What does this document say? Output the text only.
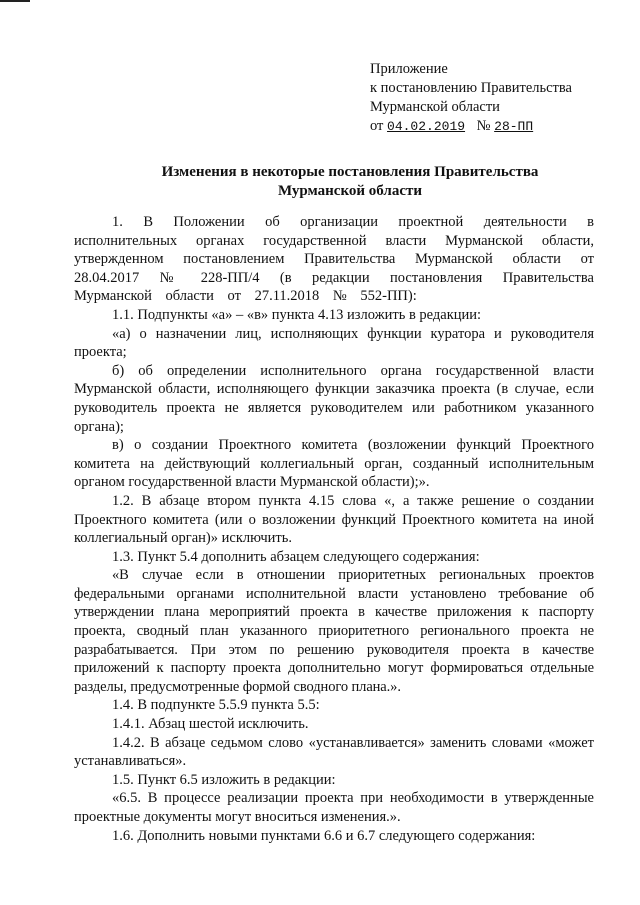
Приложение
к постановлению Правительства
Мурманской области
от 04.02.2019 № 28-ПП
Изменения в некоторые постановления Правительства
Мурманской области

1. В Положении об организации проектной деятельности в исполнительных органах государственной власти Мурманской области, утвержденном постановлением Правительства Мурманской области от 28.04.2017 № 228-ПП/4 (в редакции постановления Правительства Мурманской области от 27.11.2018 № 552-ПП):

1.1. Подпункты «а» – «в» пункта 4.13 изложить в редакции:

«а) о назначении лиц, исполняющих функции куратора и руководителя проекта;

б) об определении исполнительного органа государственной власти Мурманской области, исполняющего функции заказчика проекта (в случае, если руководитель проекта не является руководителем или работником указанного органа);

в) о создании Проектного комитета (возложении функций Проектного комитета на действующий коллегиальный орган, созданный исполнительным органом государственной власти Мурманской области);».

1.2. В абзаце втором пункта 4.15 слова «, а также решение о создании Проектного комитета (или о возложении функций Проектного комитета на иной коллегиальный орган)» исключить.

1.3. Пункт 5.4 дополнить абзацем следующего содержания:

«В случае если в отношении приоритетных региональных проектов федеральными органами исполнительной власти установлено требование об утверждении плана мероприятий проекта в качестве приложения к паспорту проекта, сводный план указанного приоритетного регионального проекта не разрабатывается. При этом по решению руководителя проекта в качестве приложений к паспорту проекта дополнительно могут формироваться отдельные разделы, предусмотренные формой сводного плана.».

1.4. В подпункте 5.5.9 пункта 5.5:

1.4.1. Абзац шестой исключить.

1.4.2. В абзаце седьмом слово «устанавливается» заменить словами «может устанавливаться».

1.5. Пункт 6.5 изложить в редакции:

«6.5. В процессе реализации проекта при необходимости в утвержденные проектные документы могут вноситься изменения.».

1.6. Дополнить новыми пунктами 6.6 и 6.7 следующего содержания:
